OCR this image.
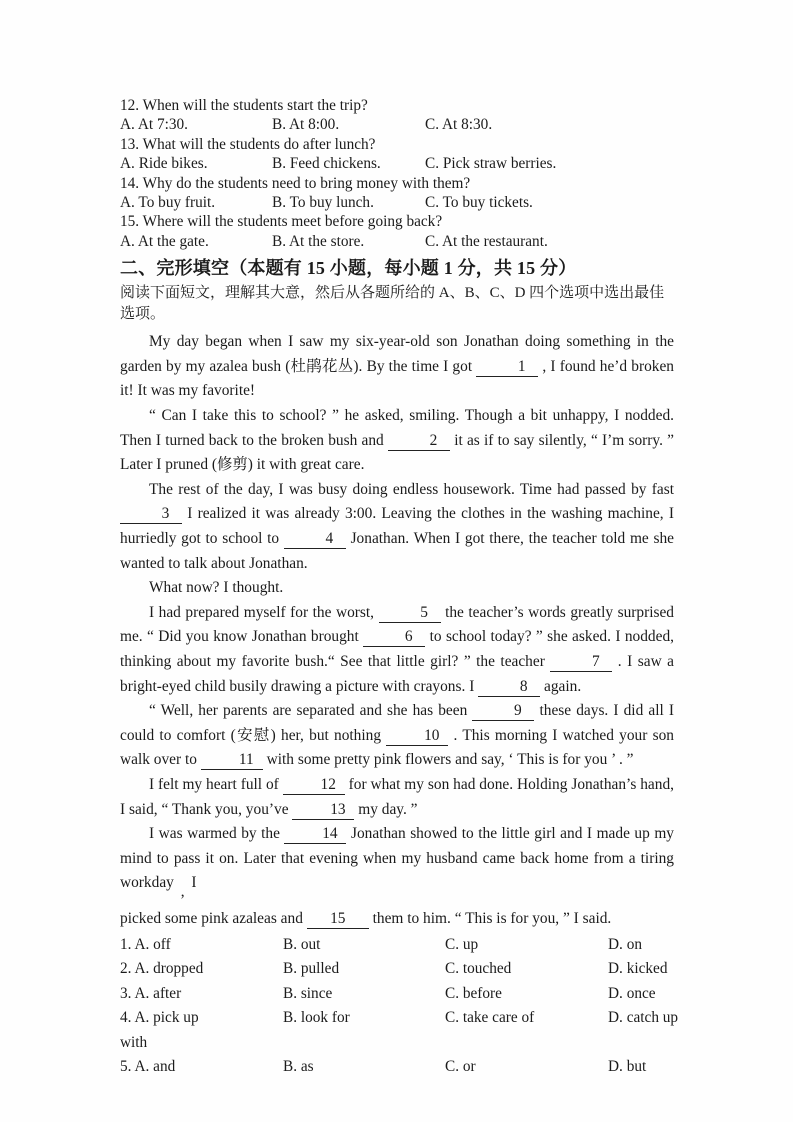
12. When will the students start the trip?
A. At 7:30.	B. At 8:00.	C. At 8:30.
13. What will the students do after lunch?
A. Ride bikes.	B. Feed chickens.	C. Pick straw berries.
14. Why do the students need to bring money with them?
A. To buy fruit.	B. To buy lunch.	C. To buy tickets.
15. Where will the students meet before going back?
A. At the gate.	B. At the store.	C. At the restaurant.
二、完形填空（本题有 15 小题，每小题 1 分，共 15 分）
阅读下面短文，理解其大意，然后从各题所给的 A、B、C、D 四个选项中选出最佳选项。

My day began when I saw my six-year-old son Jonathan doing something in the garden by my azalea bush (杜鹃花丛). By the time I got	1 , I found he’d broken it! It was my favorite!

“ Can I take this to school? ” he asked, smiling. Though a bit unhappy, I nodded. Then I turned back to the broken bush and	2 it as if to say silently, “ I’m sorry. ” Later I pruned (修剪) it with great care.

The rest of the day, I was busy doing endless housework. Time had passed by fast 3 I realized it was already 3:00. Leaving the clothes in the washing machine, I hurriedly got to school to	4 Jonathan. When I got there, the teacher told me she wanted to talk about Jonathan.

What now? I thought.

I had prepared myself for the worst,	5 the teacher’s words greatly surprised me. “ Did you know Jonathan brought	6 to school today? ” she asked. I nodded, thinking about my favorite bush.“ See that little girl? ” the teacher	7 . I saw a bright-eyed child busily drawing a picture with crayons. I	8 again.

“ Well, her parents are separated and she has been	9 these days. I did all I could to comfort (安慰) her, but nothing 10 . This morning I watched your son walk over to 11 with some pretty pink flowers and say, ‘ This is for you ’ . ”

I felt my heart full of 12 for what my son had done. Holding Jonathan’s hand, I said, “ Thank you, you’ve 13 my day. ”

I was warmed by the 14 Jonathan showed to the little girl and I made up my mind to pass it on. Later that evening when my husband came back home from a tiring workday , I

picked some pink azaleas and 15 them to him. “ This is for you, ” I said.

1. A. off	B. out	C. up	D. on
2. A. dropped	B. pulled	C. touched	D. kicked
3. A. after	B. since	C. before	D. once
4. A. pick up	B. look for	C. take care of	D. catch up
with
5. A. and	B. as	C. or	D. but
